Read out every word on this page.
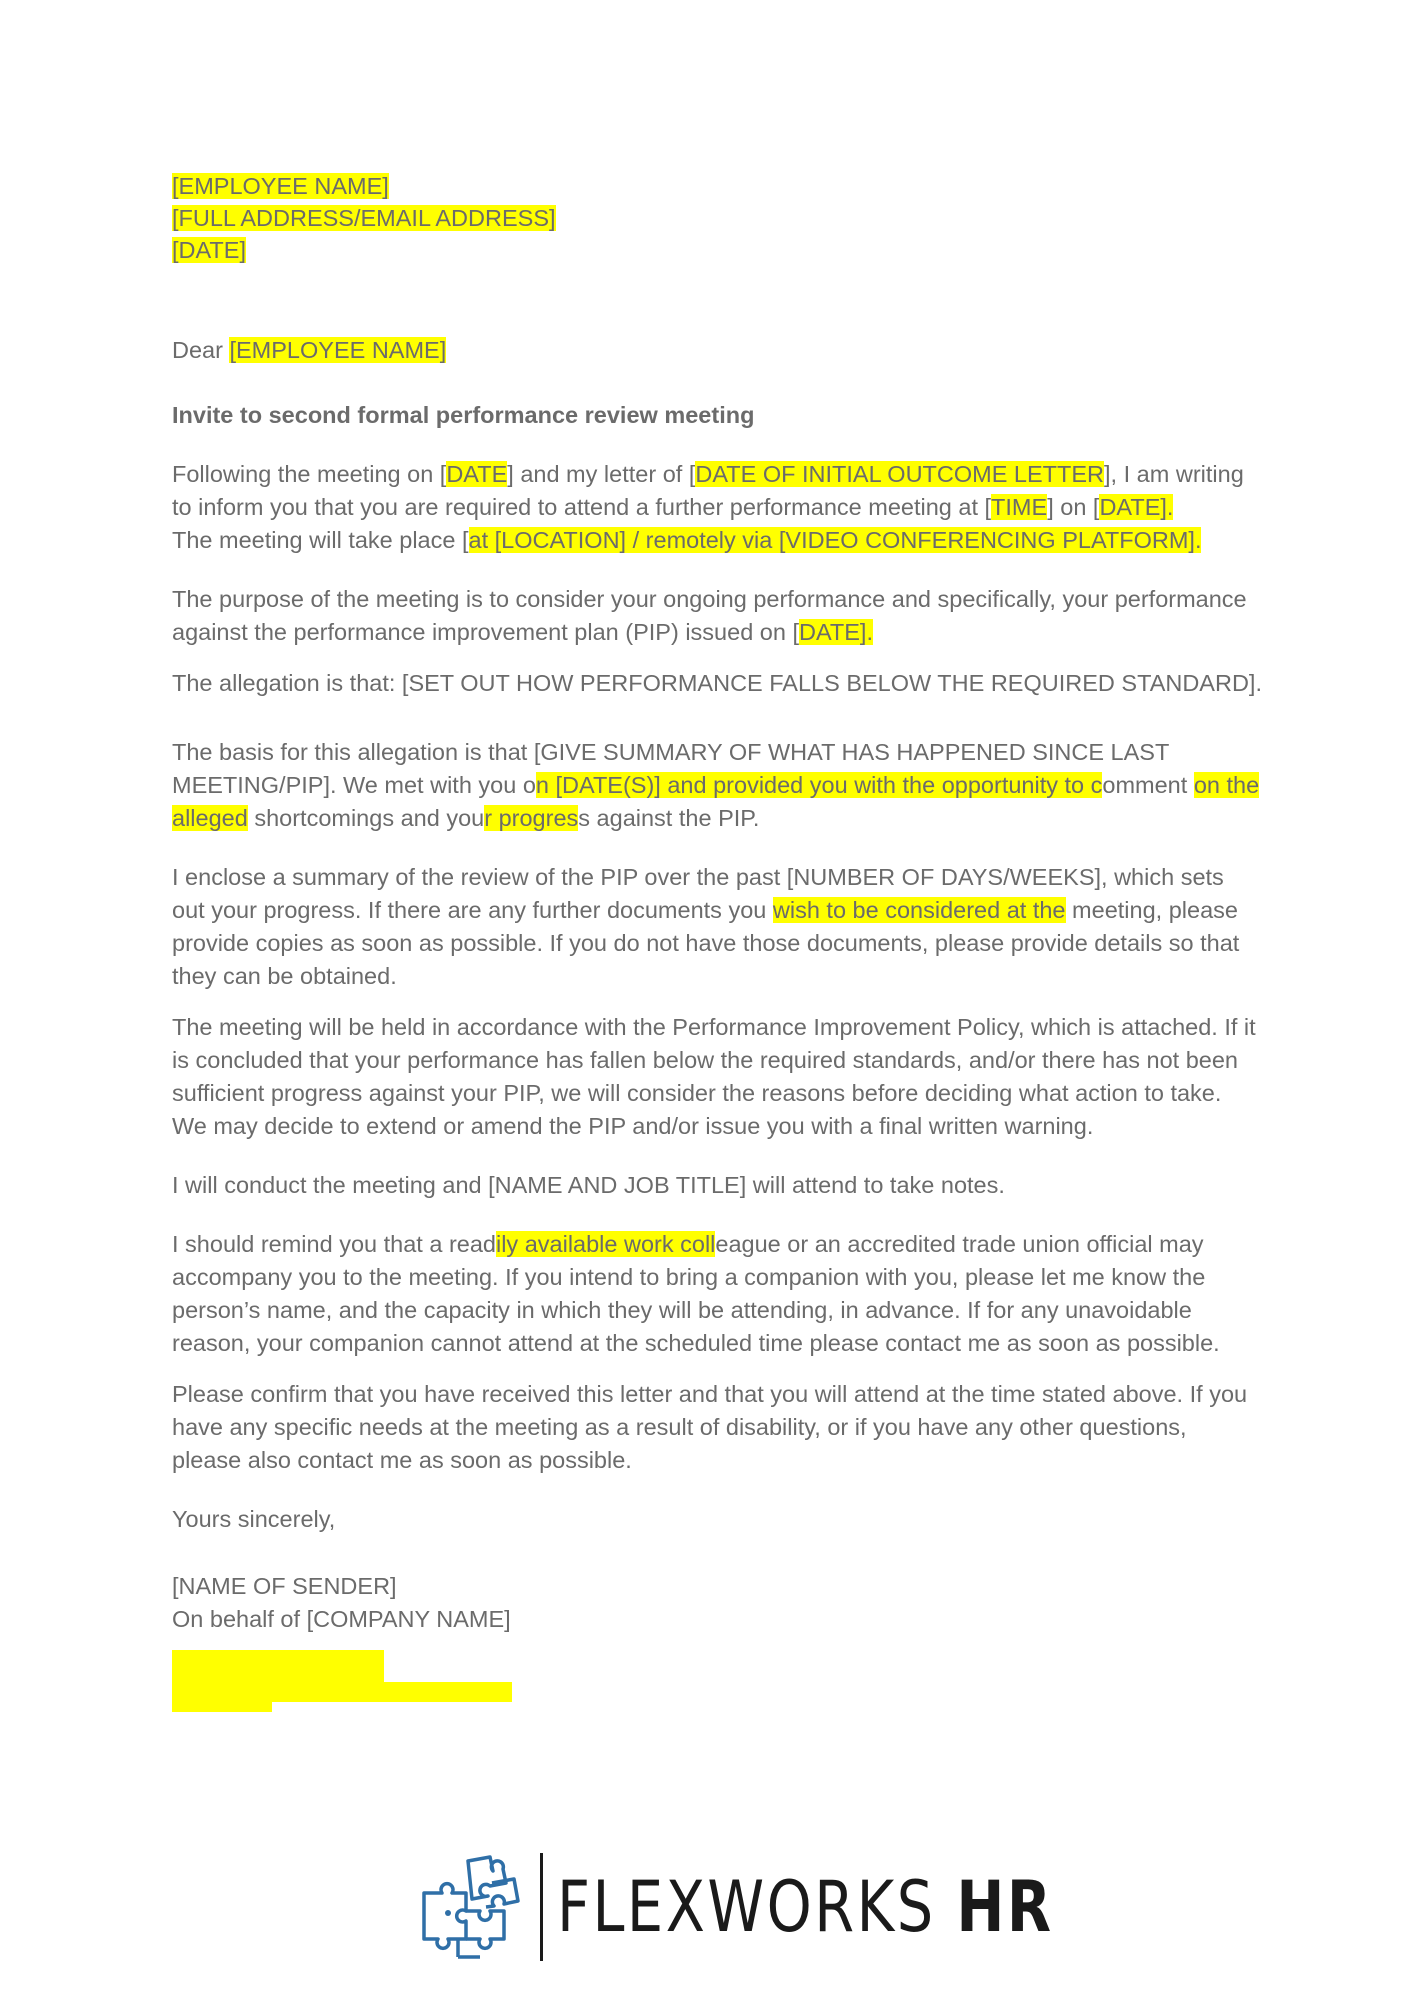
[EMPLOYEE NAME]

[FULL ADDRESS/EMAIL ADDRESS]

[DATE]

Dear [EMPLOYEE NAME]

Invite to second formal performance review meeting

Following the meeting on [DATE] and my letter of [DATE OF INITIAL OUTCOME LETTER], I am writing to inform you that you are required to attend a further performance meeting at [TIME] on [DATE].
The meeting will take place [at [LOCATION] / remotely via [VIDEO CONFERENCING PLATFORM].

The purpose of the meeting is to consider your ongoing performance and specifically, your performance against the performance improvement plan (PIP) issued on [DATE].

The allegation is that: [SET OUT HOW PERFORMANCE FALLS BELOW THE REQUIRED STANDARD].

The basis for this allegation is that [GIVE SUMMARY OF WHAT HAS HAPPENED SINCE LAST MEETING/PIP]. We met with you on [DATE(S)] and provided you with the opportunity to comment on the alleged shortcomings and your progress against the PIP.

I enclose a summary of the review of the PIP over the past [NUMBER OF DAYS/WEEKS], which sets out your progress. If there are any further documents you wish to be considered at the meeting, please provide copies as soon as possible. If you do not have those documents, please provide details so that they can be obtained.

The meeting will be held in accordance with the Performance Improvement Policy, which is attached. If it is concluded that your performance has fallen below the required standards, and/or there has not been sufficient progress against your PIP, we will consider the reasons before deciding what action to take. We may decide to extend or amend the PIP and/or issue you with a final written warning.

I will conduct the meeting and [NAME AND JOB TITLE] will attend to take notes.

I should remind you that a readily available work colleague or an accredited trade union official may accompany you to the meeting. If you intend to bring a companion with you, please let me know the person’s name, and the capacity in which they will be attending, in advance. If for any unavoidable reason, your companion cannot attend at the scheduled time please contact me as soon as possible.

Please confirm that you have received this letter and that you will attend at the time stated above. If you have any specific needs at the meeting as a result of disability, or if you have any other questions, please also contact me as soon as possible.

Yours sincerely,

[NAME OF SENDER]

On behalf of [COMPANY NAME]

FLEXWORKS HR
